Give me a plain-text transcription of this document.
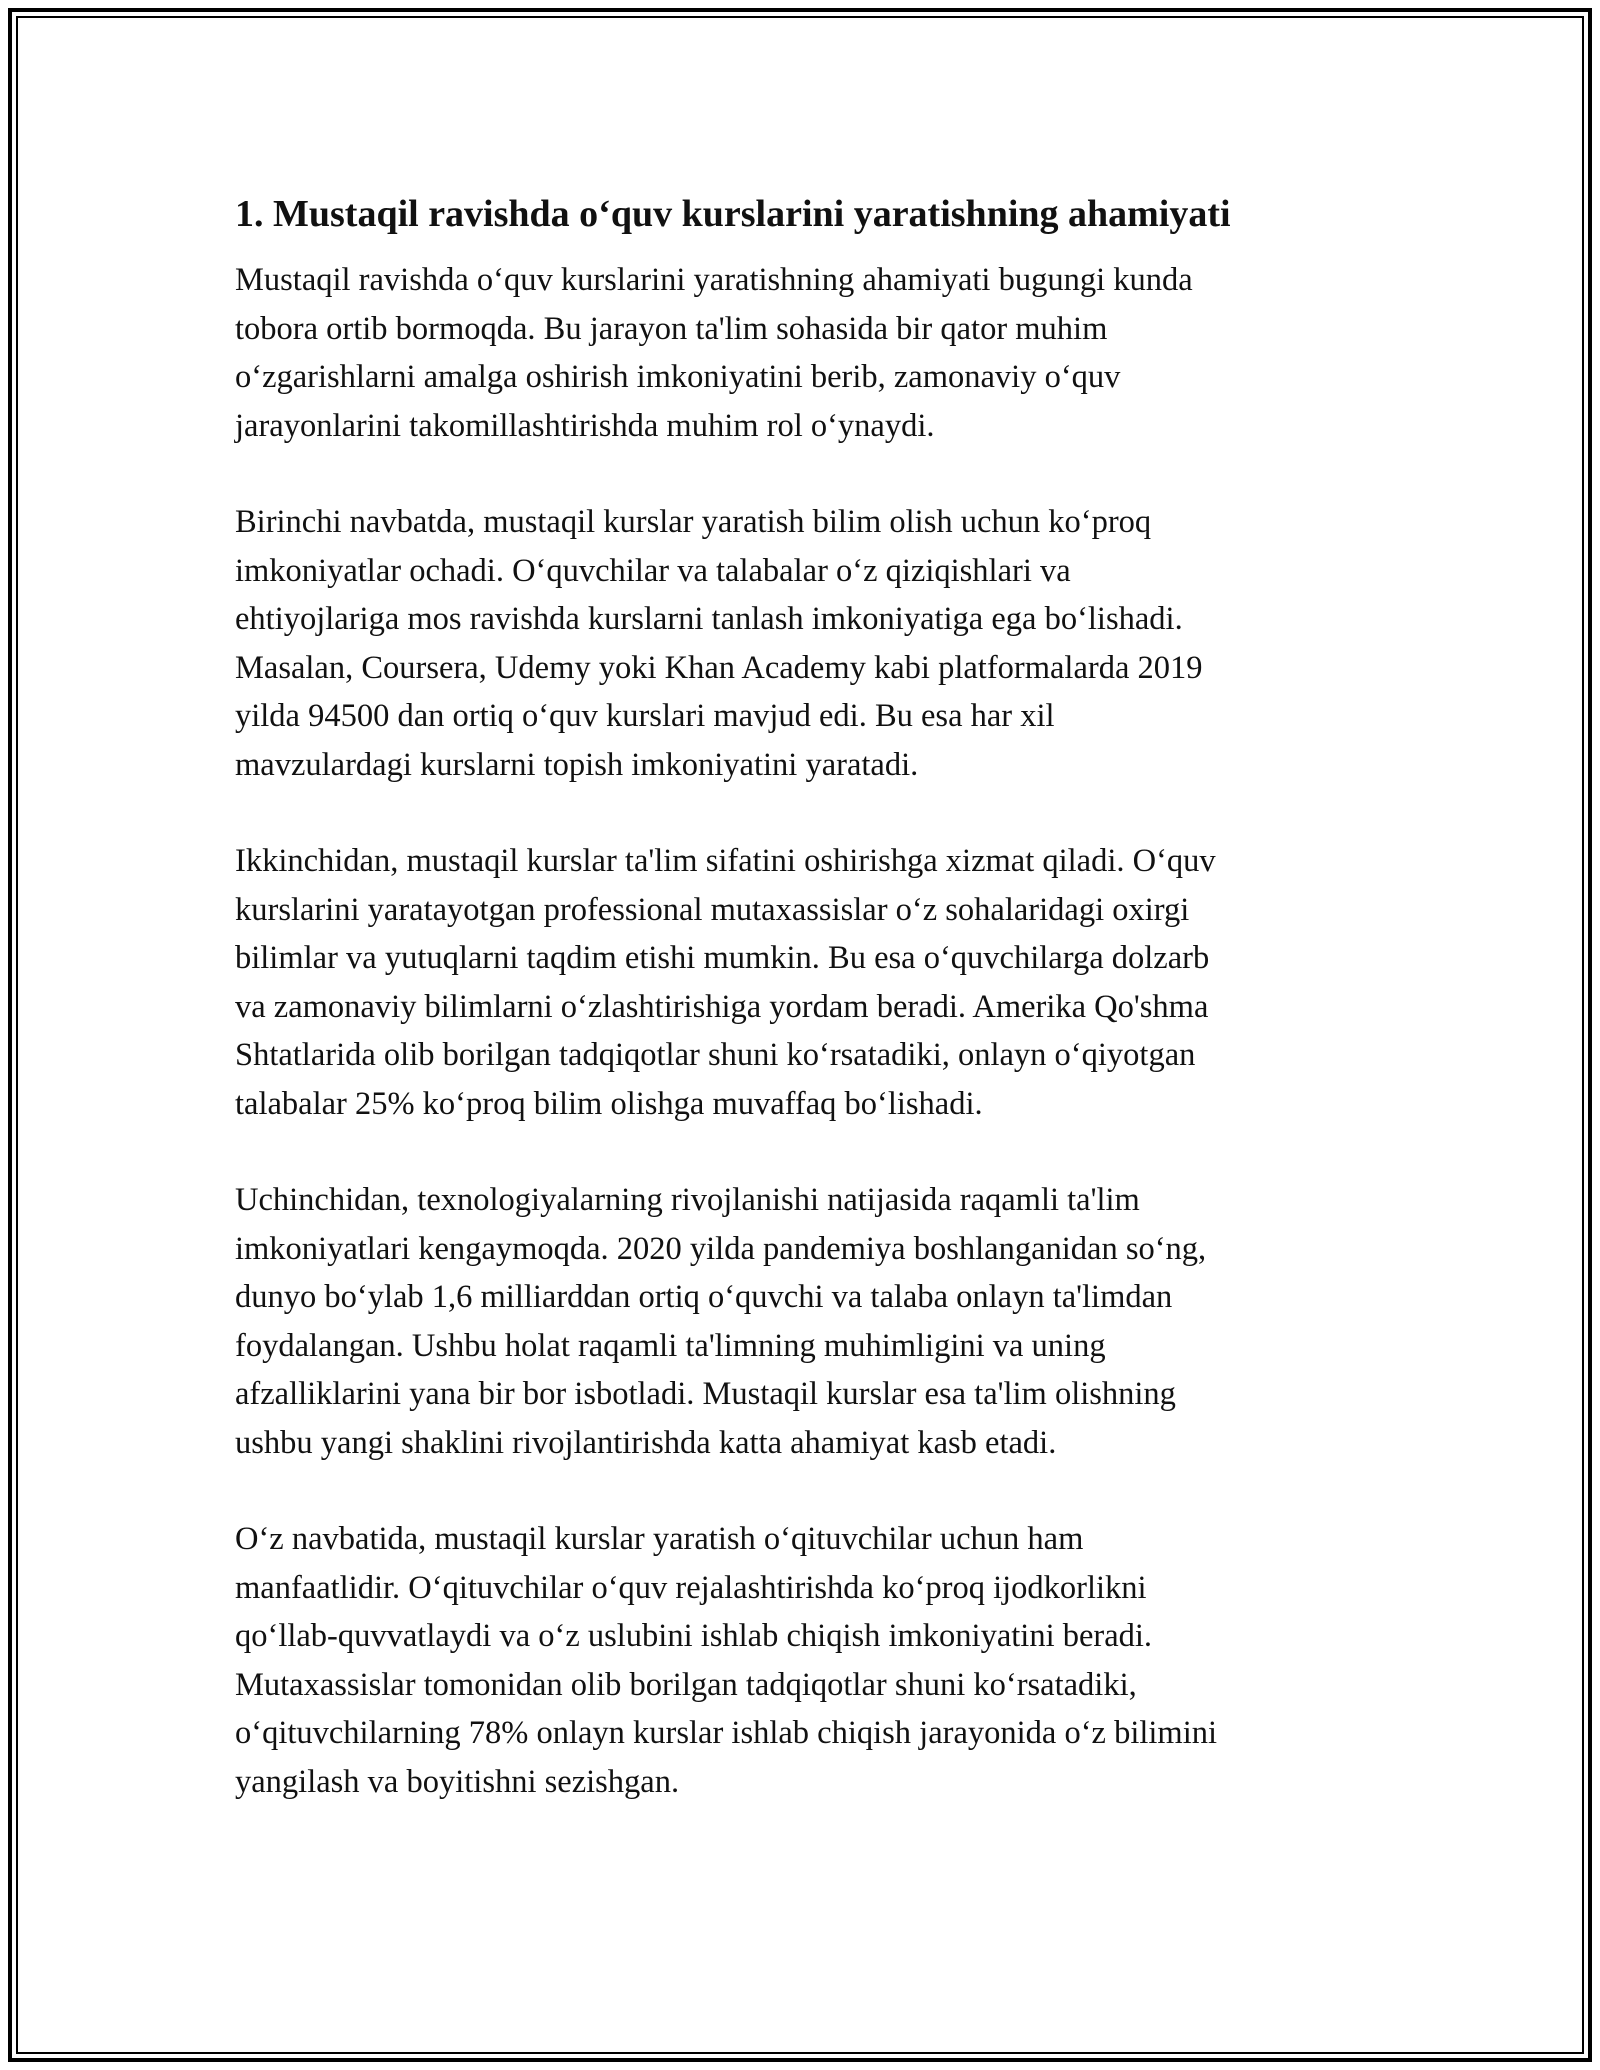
1. Mustaqil ravishda o‘quv kurslarini yaratishning ahamiyati

Mustaqil ravishda o‘quv kurslarini yaratishning ahamiyati bugungi kunda
tobora ortib bormoqda. Bu jarayon ta'lim sohasida bir qator muhim
o‘zgarishlarni amalga oshirish imkoniyatini berib, zamonaviy o‘quv
jarayonlarini takomillashtirishda muhim rol o‘ynaydi.

Birinchi navbatda, mustaqil kurslar yaratish bilim olish uchun ko‘proq
imkoniyatlar ochadi. O‘quvchilar va talabalar o‘z qiziqishlari va
ehtiyojlariga mos ravishda kurslarni tanlash imkoniyatiga ega bo‘lishadi.
Masalan, Coursera, Udemy yoki Khan Academy kabi platformalarda 2019
yilda 94500 dan ortiq o‘quv kurslari mavjud edi. Bu esa har xil
mavzulardagi kurslarni topish imkoniyatini yaratadi.

Ikkinchidan, mustaqil kurslar ta'lim sifatini oshirishga xizmat qiladi. O‘quv
kurslarini yaratayotgan professional mutaxassislar o‘z sohalaridagi oxirgi
bilimlar va yutuqlarni taqdim etishi mumkin. Bu esa o‘quvchilarga dolzarb
va zamonaviy bilimlarni o‘zlashtirishiga yordam beradi. Amerika Qo'shma
Shtatlarida olib borilgan tadqiqotlar shuni ko‘rsatadiki, onlayn o‘qiyotgan
talabalar 25% ko‘proq bilim olishga muvaffaq bo‘lishadi.

Uchinchidan, texnologiyalarning rivojlanishi natijasida raqamli ta'lim
imkoniyatlari kengaymoqda. 2020 yilda pandemiya boshlanganidan so‘ng,
dunyo bo‘ylab 1,6 milliarddan ortiq o‘quvchi va talaba onlayn ta'limdan
foydalangan. Ushbu holat raqamli ta'limning muhimligini va uning
afzalliklarini yana bir bor isbotladi. Mustaqil kurslar esa ta'lim olishning
ushbu yangi shaklini rivojlantirishda katta ahamiyat kasb etadi.

O‘z navbatida, mustaqil kurslar yaratish o‘qituvchilar uchun ham
manfaatlidir. O‘qituvchilar o‘quv rejalashtirishda ko‘proq ijodkorlikni
qo‘llab-quvvatlaydi va o‘z uslubini ishlab chiqish imkoniyatini beradi.
Mutaxassislar tomonidan olib borilgan tadqiqotlar shuni ko‘rsatadiki,
o‘qituvchilarning 78% onlayn kurslar ishlab chiqish jarayonida o‘z bilimini
yangilash va boyitishni sezishgan.
